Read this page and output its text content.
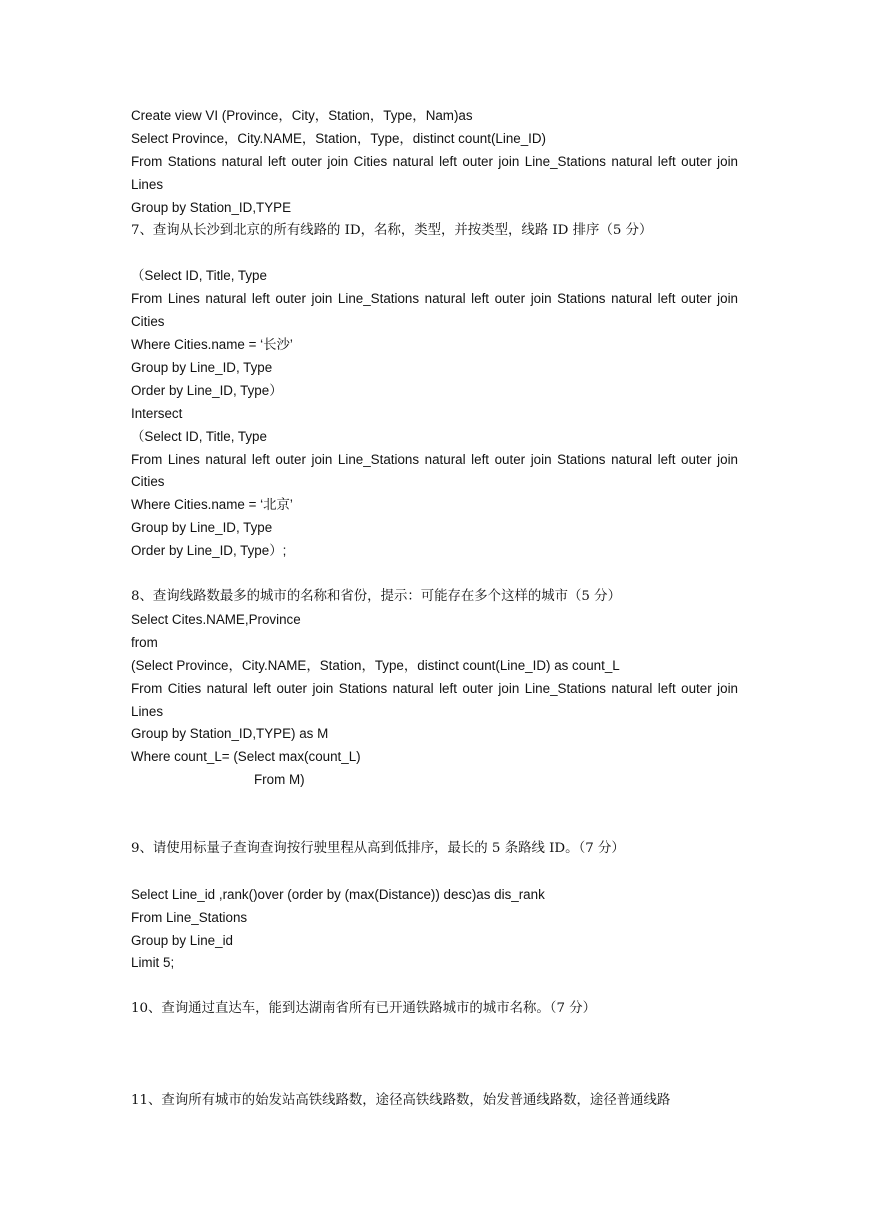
Create view VI (Province，City，Station，Type，Nam)as
Select Province，City.NAME，Station，Type，distinct count(Line_ID)
From Stations natural left outer join Cities natural left outer join Line_Stations natural left outer join Lines
Group by Station_ID,TYPE
7、查询从长沙到北京的所有线路的 ID，名称，类型，并按类型，线路 ID 排序（5 分）
（Select ID, Title, Type
From Lines natural left outer join Line_Stations natural left outer join Stations natural left outer join Cities
Where Cities.name = ‘长沙’
Group by Line_ID, Type
Order by Line_ID, Type）
Intersect
（Select ID, Title, Type
From Lines natural left outer join Line_Stations natural left outer join Stations natural left outer join Cities
Where Cities.name = ‘北京’
Group by Line_ID, Type
Order by Line_ID, Type）;
8、查询线路数最多的城市的名称和省份，提示：可能存在多个这样的城市（5 分）
Select Cites.NAME,Province
from
(Select Province，City.NAME，Station，Type，distinct count(Line_ID) as count_L
From Cities natural left outer join Stations natural left outer join Line_Stations natural left outer join Lines
Group by Station_ID,TYPE) as M
Where count_L= (Select max(count_L)
From M)
9、请使用标量子查询查询按行驶里程从高到低排序，最长的 5 条路线 ID。（7 分）
Select Line_id ,rank()over (order by (max(Distance)) desc)as dis_rank
From Line_Stations
Group by Line_id
Limit 5;
10、查询通过直达车，能到达湖南省所有已开通铁路城市的城市名称。（7 分）
11、查询所有城市的始发站高铁线路数，途径高铁线路数，始发普通线路数，途径普通线路
